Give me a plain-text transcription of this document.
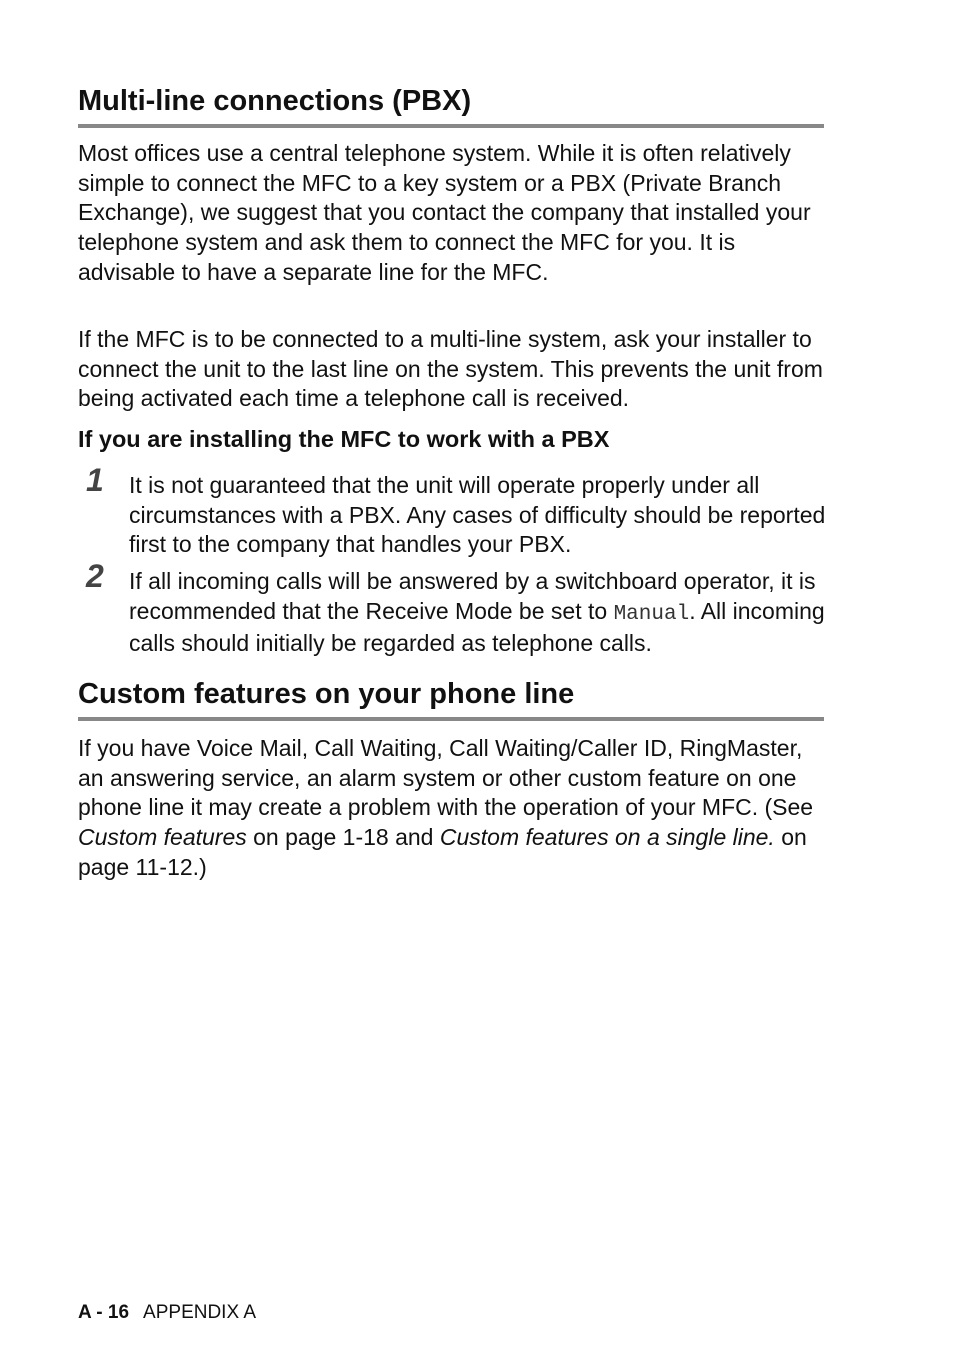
Multi-line connections (PBX)

Most offices use a central telephone system. While it is often relatively simple to connect the MFC to a key system or a PBX (Private Branch Exchange), we suggest that you contact the company that installed your telephone system and ask them to connect the MFC for you. It is advisable to have a separate line for the MFC.

If the MFC is to be connected to a multi-line system, ask your installer to connect the unit to the last line on the system. This prevents the unit from being activated each time a telephone call is received.

If you are installing the MFC to work with a PBX
1 It is not guaranteed that the unit will operate properly under all circumstances with a PBX. Any cases of difficulty should be reported first to the company that handles your PBX.

2 If all incoming calls will be answered by a switchboard operator, it is recommended that the Receive Mode be set to Manual. All incoming calls should initially be regarded as telephone calls.

Custom features on your phone line

If you have Voice Mail, Call Waiting, Call Waiting/Caller ID, RingMaster, an answering service, an alarm system or other custom feature on one phone line it may create a problem with the operation of your MFC. (See Custom features on page 1-18 and Custom features on a single line. on page 11-12.)

A - 16 APPENDIX A
